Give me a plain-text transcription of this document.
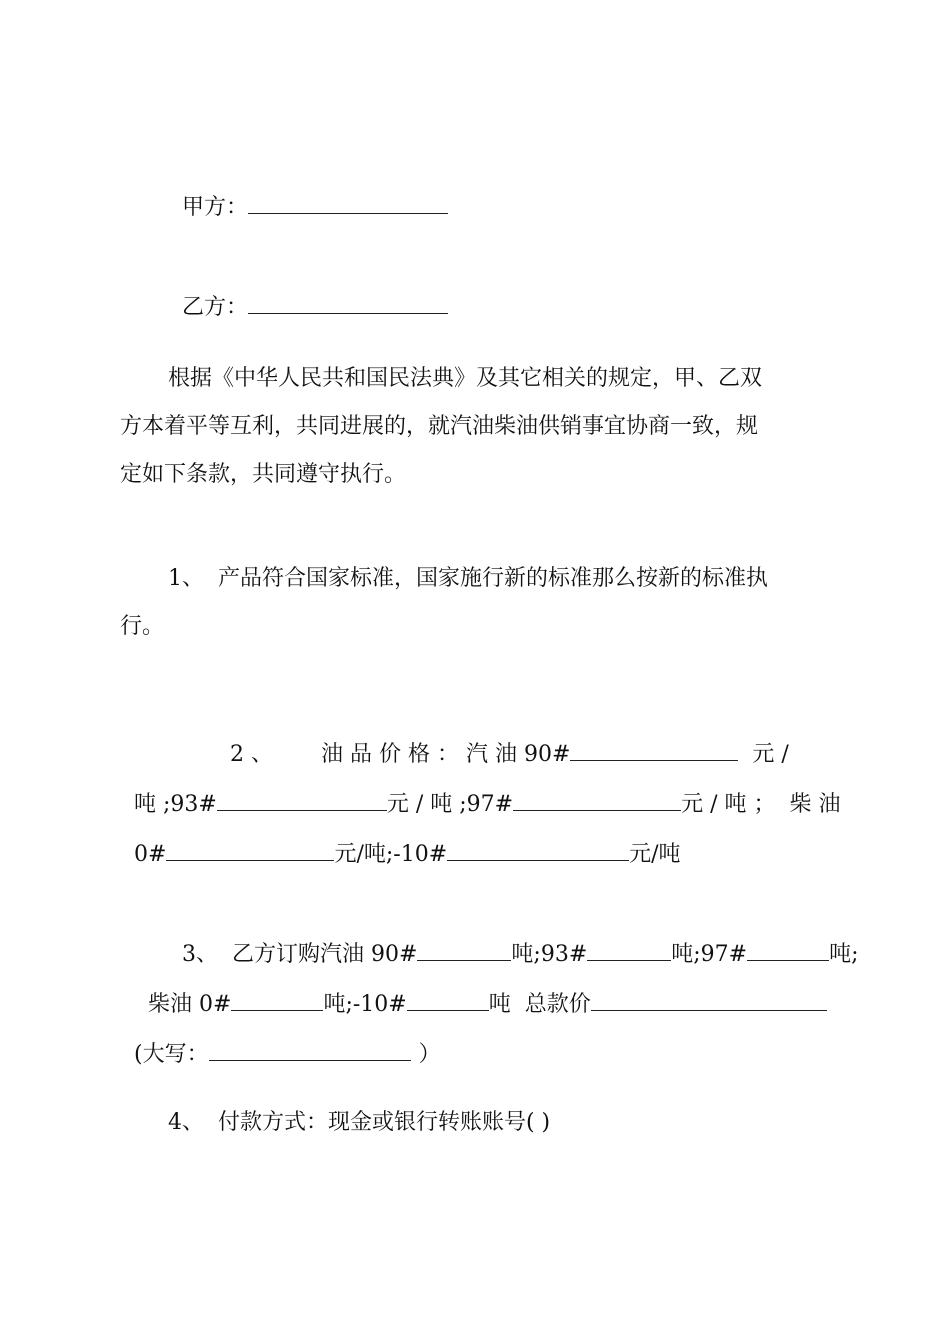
甲方：

乙方：

根据《中华人民共和国民法典》及其它相关的规定，甲、乙双
方本着平等互利，共同进展的，就汽油柴油供销事宜协商一致，规
定如下条款，共同遵守执行。
1、  产品符合国家标准，国家施行新的标准那么按新的标准执
行。

2 、 油 品 价 格 ： 汽 油 90#	元 /

吨 ;93#	元 / 吨 ;97#	元 / 吨 ；  柴 油

0#	元/吨;-10#	元/吨

3、  乙方订购汽油 90#	吨;93#	吨;97#	吨;

柴油 0#	吨;-10#	吨  总款价

(大写：	）

4、  付款方式：现金或银行转账账号( )
